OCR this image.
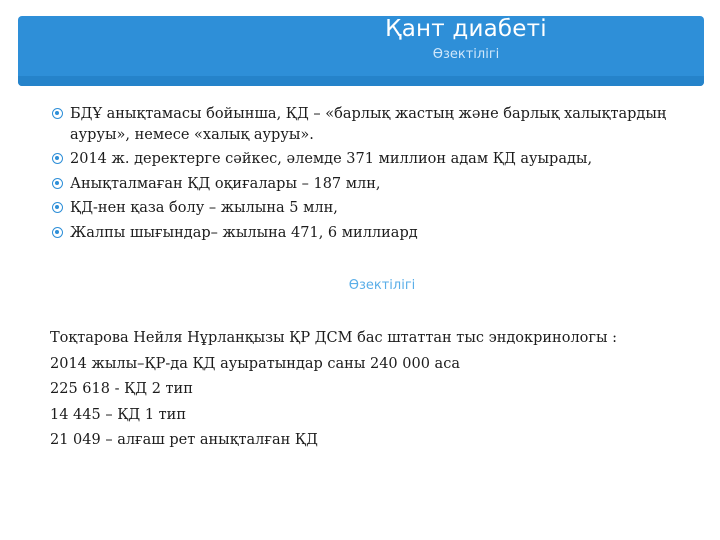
Қант диабеті
Өзектілігі
БДҰ анықтамасы бойынша, ҚД – «барлық жастың және барлық халықтардың ауруы», немесе «халық ауруы».
2014 ж. деректерге сәйкес, әлемде 371 миллион адам ҚД ауырады,
Анықталмаған ҚД оқиғалары – 187 млн,
ҚД-нен қаза болу – жылына 5 млн,
Жалпы шығындар– жылына 471, 6 миллиард
Өзектілігі
Тоқтарова Нейля Нұрланқызы ҚР ДСМ бас штаттан тыс эндокринологы :
2014 жылы–ҚР-да ҚД ауыратындар саны 240 000 аса
225 618 - ҚД 2 тип
14 445 – ҚД 1 тип
21 049 – алғаш рет анықталған ҚД
